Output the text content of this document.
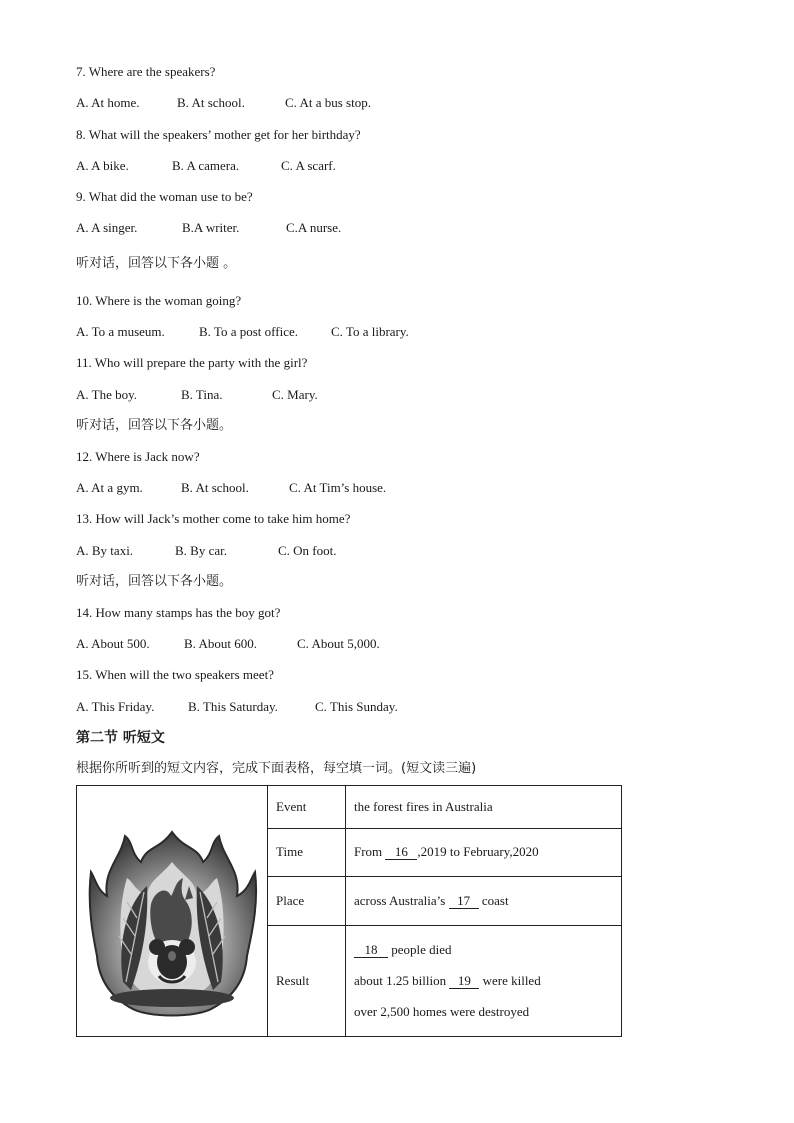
7. Where are the speakers?
A. At home.	B. At school.	C. At a bus stop.
8. What will the speakers’ mother get for her birthday?
A. A bike.	B. A camera.	C. A scarf.
9. What did the woman use to be?
A. A singer.	B.A writer.	C.A nurse.
听对话，回答以下各小题 。
10. Where is the woman going?
A. To a museum.	B. To a post office.	C. To a library.
11. Who will prepare the party with the girl?
A. The boy.	B. Tina.	C. Mary.
听对话，回答以下各小题。
12. Where is Jack now?
A. At a gym.	B. At school.	C. At Tim’s house.
13. How will Jack’s mother come to take him home?
A. By taxi.	B. By car.	C. On foot.
听对话，回答以下各小题。
14. How many stamps has the boy got?
A. About 500.	B. About 600.	C. About 5,000.
15. When will the two speakers meet?
A. This Friday.	B. This Saturday.	C. This Sunday.
第二节 听短文
根据你所听到的短文内容，完成下面表格，每空填一词。(短文读三遍)
	Event	the forest fires in Australia
	Time	From 16 ,2019 to February,2020
	Place	across Australia’s 17 coast
	Result	18 people died
about 1.25 billion 19 were killed
over 2,500 homes were destroyed
